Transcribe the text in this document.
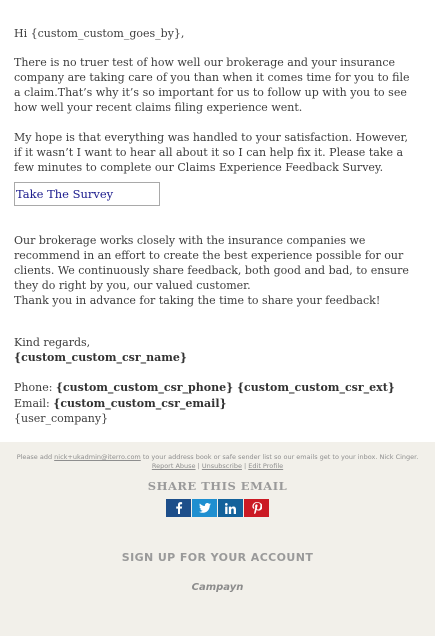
Hi {custom_custom_goes_by},
There is no truer test of how well our brokerage and your insurance company are taking care of you than when it comes time for you to file a claim.That’s why it’s so important for us to follow up with you to see how well your recent claims filing experience went.
My hope is that everything was handled to your satisfaction. However, if it wasn’t I want to hear all about it so I can help fix it. Please take a few minutes to complete our Claims Experience Feedback Survey.
Take The Survey
Our brokerage works closely with the insurance companies we recommend in an effort to create the best experience possible for our clients. We continuously share feedback, both good and bad, to ensure they do right by you, our valued customer.
Thank you in advance for taking the time to share your feedback!
Kind regards,
{custom_custom_csr_name}
Phone: {custom_custom_csr_phone} {custom_custom_csr_ext}
Email: {custom_custom_csr_email}
{user_company}
Please add nick+ukadmin@iterro.com to your address book or safe sender list so our emails get to your inbox. Nick Cinger.
Report Abuse | Unsubscribe | Edit Profile
SHARE THIS EMAIL
SIGN UP FOR YOUR ACCOUNT
Campayn
